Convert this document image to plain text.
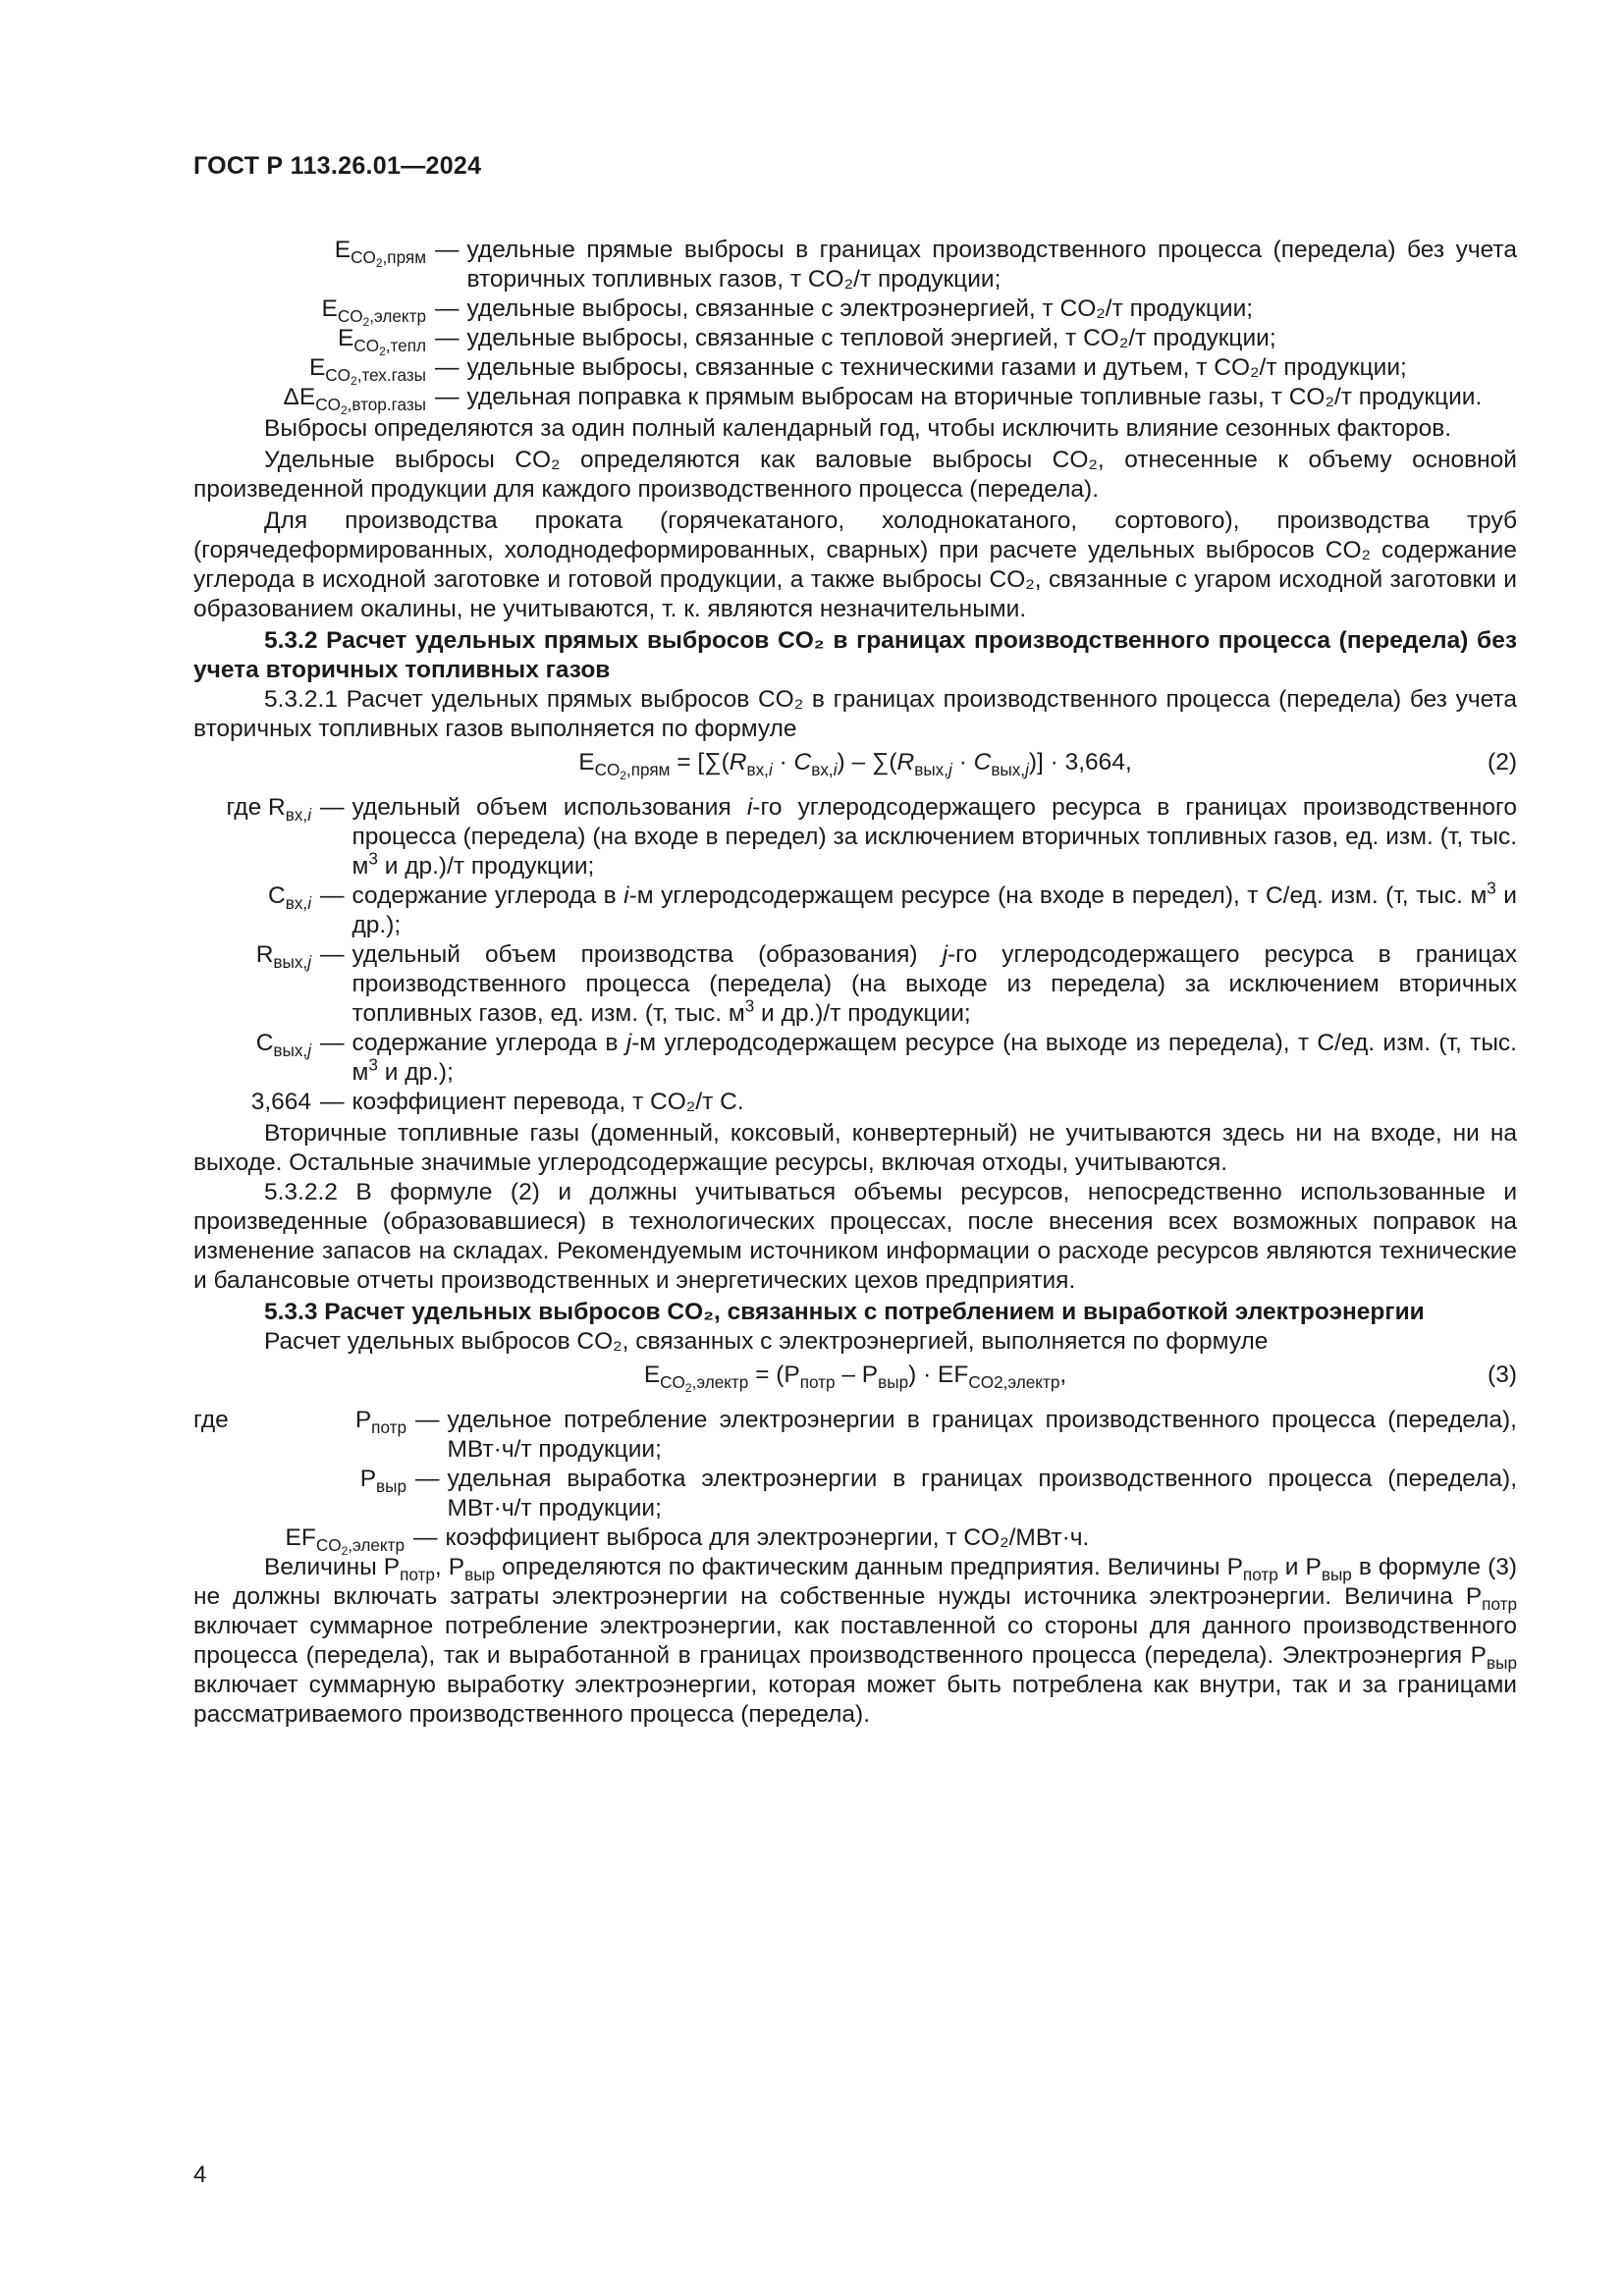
ГОСТ Р 113.26.01—2024
$E_{CO_2,прям}$ — удельные прямые выбросы в границах производственного процесса (передела) без учета вторичных топливных газов, т CO₂/т продукции;
$E_{CO_2,электр}$ — удельные выбросы, связанные с электроэнергией, т CO₂/т продукции;
$E_{CO_2,тепл}$ — удельные выбросы, связанные с тепловой энергией, т CO₂/т продукции;
$E_{CO_2,тех.газы}$ — удельные выбросы, связанные с техническими газами и дутьем, т CO₂/т продукции;
$\Delta E_{CO_2,втор.газы}$ — удельная поправка к прямым выбросам на вторичные топливные газы, т CO₂/т продукции.

Выбросы определяются за один полный календарный год, чтобы исключить влияние сезонных факторов.

Удельные выбросы CO₂ определяются как валовые выбросы CO₂, отнесенные к объему основной произведенной продукции для каждого производственного процесса (передела).

Для производства проката (горячекатаного, холоднокатаного, сортового), производства труб (горячедеформированных, холоднодеформированных, сварных) при расчете удельных выбросов CO₂ содержание углерода в исходной заготовке и готовой продукции, а также выбросы CO₂, связанные с угаром исходной заготовки и образованием окалины, не учитываются, т. к. являются незначительными.

5.3.2 Расчет удельных прямых выбросов CO₂ в границах производственного процесса (передела) без учета вторичных топливных газов

5.3.2.1 Расчет удельных прямых выбросов CO₂ в границах производственного процесса (передела) без учета вторичных топливных газов выполняется по формуле

$E_{CO_2,прям} = [\sum(R_{вх,i} \cdot C_{вх,i}) - \sum(R_{вых,j} \cdot C_{вых,j})] \cdot 3,664$,	(2)
где $R_{вх,i}$ — удельный объем использования i-го углеродсодержащего ресурса в границах производственного процесса (передела) (на входе в передел) за исключением вторичных топливных газов, ед. изм. (т, тыс. $м^3$ и др.)/т продукции;
$C_{вх,i}$ — содержание углерода в i-м углеродсодержащем ресурсе (на входе в передел), т С/ед. изм. (т, тыс. $м^3$ и др.);
$R_{вых,j}$ — удельный объем производства (образования) j-го углеродсодержащего ресурса в границах производственного процесса (передела) (на выходе из передела) за исключением вторичных топливных газов, ед. изм. (т, тыс. $м^3$ и др.)/т продукции;
$C_{вых,j}$ — содержание углерода в j-м углеродсодержащем ресурсе (на выходе из передела), т С/ед. изм. (т, тыс. $м^3$ и др.);
3,664 — коэффициент перевода, т CO₂/т С.

Вторичные топливные газы (доменный, коксовый, конвертерный) не учитываются здесь ни на входе, ни на выходе. Остальные значимые углеродсодержащие ресурсы, включая отходы, учитываются.

5.3.2.2 В формуле (2) и должны учитываться объемы ресурсов, непосредственно использованные и произведенные (образовавшиеся) в технологических процессах, после внесения всех возможных поправок на изменение запасов на складах. Рекомендуемым источником информации о расходе ресурсов являются технические и балансовые отчеты производственных и энергетических цехов предприятия.

5.3.3 Расчет удельных выбросов CO₂, связанных с потреблением и выработкой электроэнергии

Расчет удельных выбросов CO₂, связанных с электроэнергией, выполняется по формуле

$E_{CO_2,электр} = (P_{потр} - P_{выр}) \cdot EF_{CO2,электр}$,	(3)
где	$P_{потр}$ — удельное потребление электроэнергии в границах производственного процесса (передела), МВт·ч/т продукции;
$P_{выр}$ — удельная выработка электроэнергии в границах производственного процесса (передела), МВт·ч/т продукции;
$EF_{CO_2,электр}$ — коэффициент выброса для электроэнергии, т CO₂/МВт·ч.

Величины $P_{потр}$, $P_{выр}$ определяются по фактическим данным предприятия. Величины $P_{потр}$ и $P_{выр}$ в формуле (3) не должны включать затраты электроэнергии на собственные нужды источника электроэнергии. Величина $P_{потр}$ включает суммарное потребление электроэнергии, как поставленной со стороны для данного производственного процесса (передела), так и выработанной в границах производственного процесса (передела). Электроэнергия $P_{выр}$ включает суммарную выработку электроэнергии, которая может быть потреблена как внутри, так и за границами рассматриваемого производственного процесса (передела).

4
